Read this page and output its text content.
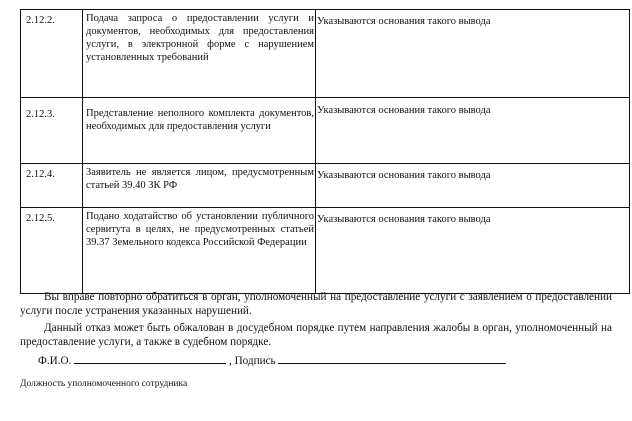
2.12.2.	Подача запроса о предоставлении услуги и документов, необходимых для предоставления услуги, в электронной форме с нарушением установленных требований	Указываются основания такого вывода
2.12.3.	Представление неполного комплекта документов, необходимых для предоставления услуги	Указываются основания такого вывода
2.12.4.	Заявитель не является лицом, предусмотренным статьей 39.40 ЗК РФ	Указываются основания такого вывода
2.12.5.	Подано ходатайство об установлении публичного сервитута в целях, не предусмотренных статьей 39.37 Земельного кодекса Российской Федерации	Указываются основания такого вывода
Вы вправе повторно обратиться в орган, уполномоченный на предоставление услуги с заявлением о предоставлении услуги после устранения указанных нарушений.
Данный отказ может быть обжалован в досудебном порядке путем направления жалобы в орган, уполномоченный на предоставление услуги, а также в судебном порядке.
Ф.И.О.	, Подпись
Должность уполномоченного сотрудника
